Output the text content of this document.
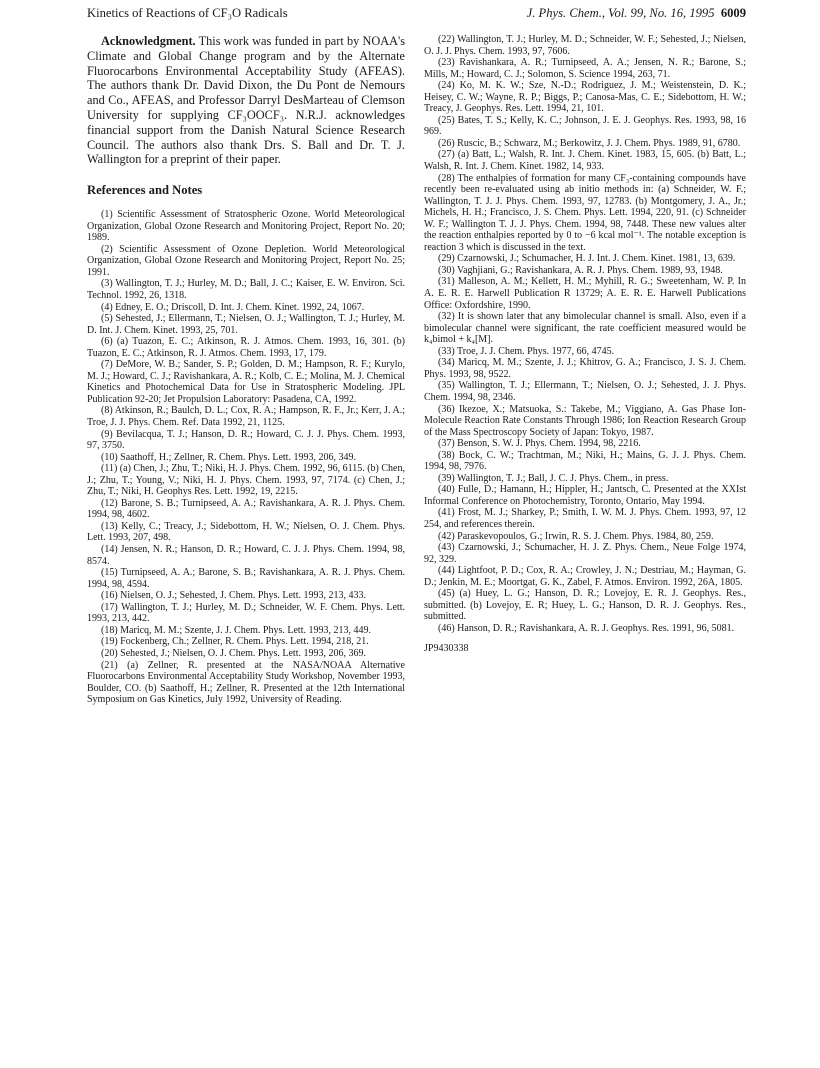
Kinetics of Reactions of CF₃O Radicals	J. Phys. Chem., Vol. 99, No. 16, 1995 6009

Acknowledgment. This work was funded in part by NOAA's Climate and Global Change program and by the Alternate Fluorocarbons Environmental Acceptability Study (AFEAS). The authors thank Dr. David Dixon, the Du Pont de Nemours and Co., AFEAS, and Professor Darryl DesMarteau of Clemson University for supplying CF₃OOCF₃. N.R.J. acknowledges financial support from the Danish Natural Science Research Council. The authors also thank Drs. S. Ball and Dr. T. J. Wallington for a preprint of their paper.

References and Notes

(1) Scientific Assessment of Stratospheric Ozone. World Meteorological Organization, Global Ozone Research and Monitoring Project, Report No. 20; 1989.

(2) Scientific Assessment of Ozone Depletion. World Meteorological Organization, Global Ozone Research and Monitoring Project, Report No. 25; 1991.

(3) Wallington, T. J.; Hurley, M. D.; Ball, J. C.; Kaiser, E. W. Environ. Sci. Technol. 1992, 26, 1318.

(4) Edney, E. O.; Driscoll, D. Int. J. Chem. Kinet. 1992, 24, 1067.

(5) Sehested, J.; Ellermann, T.; Nielsen, O. J.; Wallington, T. J.; Hurley, M. D. Int. J. Chem. Kinet. 1993, 25, 701.

(6) (a) Tuazon, E. C.; Atkinson, R. J. Atmos. Chem. 1993, 16, 301. (b) Tuazon, E. C.; Atkinson, R. J. Atmos. Chem. 1993, 17, 179.

(7) DeMore, W. B.; Sander, S. P.; Golden, D. M.; Hampson, R. F.; Kurylo, M. J.; Howard, C. J.; Ravishankara, A. R.; Kolb, C. E.; Molina, M. J. Chemical Kinetics and Photochemical Data for Use in Stratospheric Modeling. JPL Publication 92-20; Jet Propulsion Laboratory: Pasadena, CA, 1992.

(8) Atkinson, R.; Baulch, D. L.; Cox, R. A.; Hampson, R. F., Jr.; Kerr, J. A.; Troe, J. J. Phys. Chem. Ref. Data 1992, 21, 1125.

(9) Bevilacqua, T. J.; Hanson, D. R.; Howard, C. J. J. Phys. Chem. 1993, 97, 3750.

(10) Saathoff, H.; Zellner, R. Chem. Phys. Lett. 1993, 206, 349.

(11) (a) Chen, J.; Zhu, T.; Niki, H. J. Phys. Chem. 1992, 96, 6115. (b) Chen, J.; Zhu, T.; Young, V.; Niki, H. J. Phys. Chem. 1993, 97, 7174. (c) Chen, J.; Zhu, T.; Niki, H. Geophys Res. Lett. 1992, 19, 2215.

(12) Barone, S. B.; Turnipseed, A. A.; Ravishankara, A. R. J. Phys. Chem. 1994, 98, 4602.

(13) Kelly, C.; Treacy, J.; Sidebottom, H. W.; Nielsen, O. J. Chem. Phys. Lett. 1993, 207, 498.

(14) Jensen, N. R.; Hanson, D. R.; Howard, C. J. J. Phys. Chem. 1994, 98, 8574.

(15) Turnipseed, A. A.; Barone, S. B.; Ravishankara, A. R. J. Phys. Chem. 1994, 98, 4594.

(16) Nielsen, O. J.; Sehested, J. Chem. Phys. Lett. 1993, 213, 433.

(17) Wallington, T. J.; Hurley, M. D.; Schneider, W. F. Chem. Phys. Lett. 1993, 213, 442.

(18) Maricq, M. M.; Szente, J. J. Chem. Phys. Lett. 1993, 213, 449.

(19) Fockenberg, Ch.; Zellner, R. Chem. Phys. Lett. 1994, 218, 21.

(20) Sehested, J.; Nielsen, O. J. Chem. Phys. Lett. 1993, 206, 369.

(21) (a) Zellner, R. presented at the NASA/NOAA Alternative Fluorocarbons Environmental Acceptability Study Workshop, November 1993, Boulder, CO. (b) Saathoff, H.; Zellner, R. Presented at the 12th International Symposium on Gas Kinetics, July 1992, University of Reading.

(22) Wallington, T. J.; Hurley, M. D.; Schneider, W. F.; Sehested, J.; Nielsen, O. J. J. Phys. Chem. 1993, 97, 7606.

(23) Ravishankara, A. R.; Turnipseed, A. A.; Jensen, N. R.; Barone, S.; Mills, M.; Howard, C. J.; Solomon, S. Science 1994, 263, 71.

(24) Ko, M. K. W.; Sze, N.-D.; Rodriguez, J. M.; Weistenstein, D. K.; Heisey, C. W.; Wayne, R. P.; Biggs, P.; Canosa-Mas, C. E.; Sidebottom, H. W.; Treacy, J. Geophys. Res. Lett. 1994, 21, 101.

(25) Bates, T. S.; Kelly, K. C.; Johnson, J. E. J. Geophys. Res. 1993, 98, 16 969.

(26) Ruscic, B.; Schwarz, M.; Berkowitz, J. J. Chem. Phys. 1989, 91, 6780.

(27) (a) Batt, L.; Walsh, R. Int. J. Chem. Kinet. 1983, 15, 605. (b) Batt, L.; Walsh, R. Int. J. Chem. Kinet. 1982, 14, 933.

(28) The enthalpies of formation for many CF₃-containing compounds have recently been re-evaluated using ab initio methods in: (a) Schneider, W. F.; Wallington, T. J. J. Phys. Chem. 1993, 97, 12783. (b) Montgomery, J. A., Jr.; Michels, H. H.; Francisco, J. S. Chem. Phys. Lett. 1994, 220, 91. (c) Schneider W. F.; Wallington T. J. J. Phys. Chem. 1994, 98, 7448. These new values alter the reaction enthalpies reported by 0 to −6 kcal mol⁻¹. The notable exception is reaction 3 which is discussed in the text.

(29) Czarnowski, J.; Schumacher, H. J. Int. J. Chem. Kinet. 1981, 13, 639.

(30) Vaghjiani, G.; Ravishankara, A. R. J. Phys. Chem. 1989, 93, 1948.

(31) Malleson, A. M.; Kellett, H. M.; Myhill, R. G.; Sweetenham, W. P. In A. E. R. E. Harwell Publication R 13729; A. E. R. E. Harwell Publications Office: Oxfordshire, 1990.

(32) It is shown later that any bimolecular channel is small. Also, even if a bimolecular channel were significant, the rate coefficient measured would be k₄bimol + k₄[M].

(33) Troe, J. J. Chem. Phys. 1977, 66, 4745.

(34) Maricq, M. M.; Szente, J. J.; Khitrov, G. A.; Francisco, J. S. J. Chem. Phys. 1993, 98, 9522.

(35) Wallington, T. J.; Ellermann, T.; Nielsen, O. J.; Sehested, J. J. Phys. Chem. 1994, 98, 2346.

(36) Ikezoe, X.; Matsuoka, S.: Takebe, M.; Viggiano, A. Gas Phase Ion-Molecule Reaction Rate Constants Through 1986; Ion Reaction Research Group of the Mass Spectroscopy Society of Japan: Tokyo, 1987.

(37) Benson, S. W. J. Phys. Chem. 1994, 98, 2216.

(38) Bock, C. W.; Trachtman, M.; Niki, H.; Mains, G. J. J. Phys. Chem. 1994, 98, 7976.

(39) Wallington, T. J.; Ball, J. C. J. Phys. Chem., in press.

(40) Fulle, D.; Hamann, H.; Hippler, H.; Jantsch, C. Presented at the XXIst Informal Conference on Photochemistry, Toronto, Ontario, May 1994.

(41) Frost, M. J.; Sharkey, P.; Smith, I. W. M. J. Phys. Chem. 1993, 97, 12 254, and references therein.

(42) Paraskevopoulos, G.; Irwin, R. S. J. Chem. Phys. 1984, 80, 259.

(43) Czarnowski, J.; Schumacher, H. J. Z. Phys. Chem., Neue Folge 1974, 92, 329.

(44) Lightfoot, P. D.; Cox, R. A.; Crowley, J. N.; Destriau, M.; Hayman, G. D.; Jenkin, M. E.; Moortgat, G. K., Zabel, F. Atmos. Environ. 1992, 26A, 1805.

(45) (a) Huey, L. G.; Hanson, D. R.; Lovejoy, E. R. J. Geophys. Res., submitted. (b) Lovejoy, E. R; Huey, L. G.; Hanson, D. R. J. Geophys. Res., submitted.

(46) Hanson, D. R.; Ravishankara, A. R. J. Geophys. Res. 1991, 96, 5081.

JP9430338
